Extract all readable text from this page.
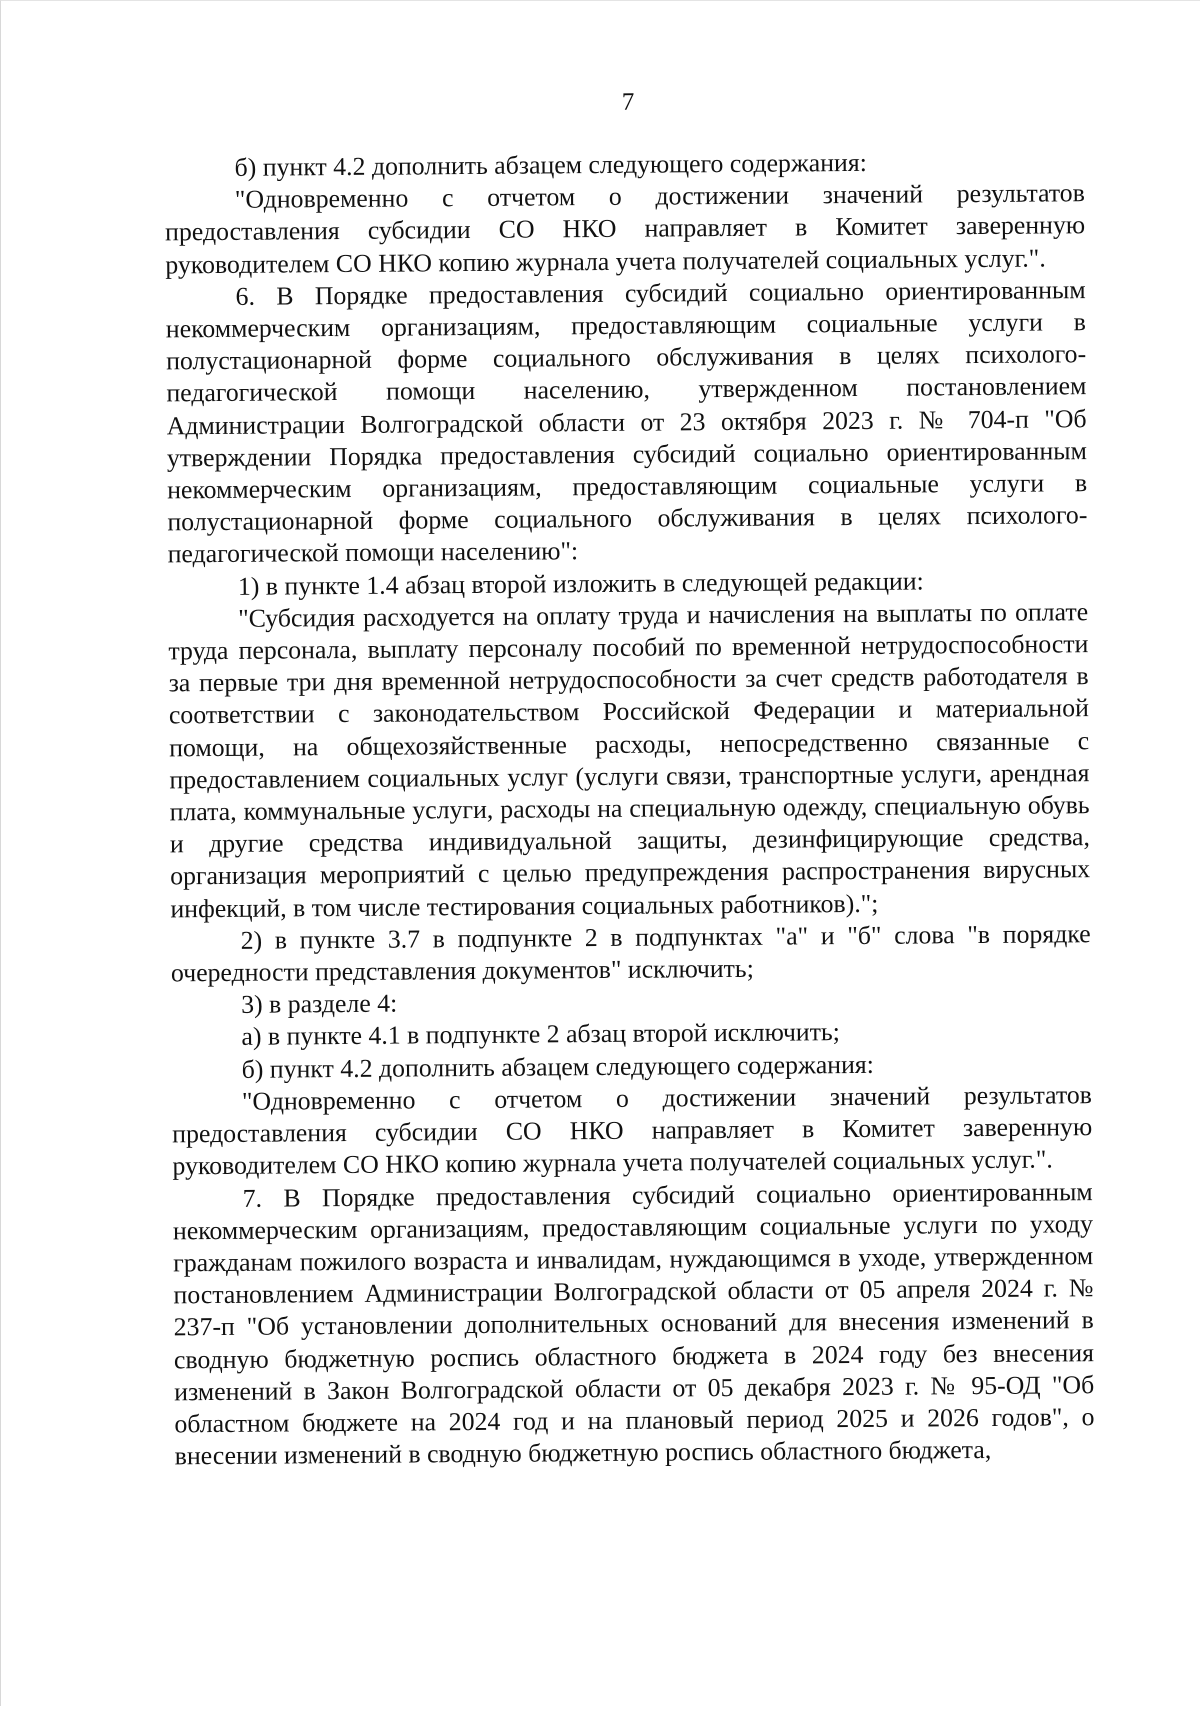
7

б) пункт 4.2 дополнить абзацем следующего содержания:

"Одновременно с отчетом о достижении значений результатов предоставления субсидии СО НКО направляет в Комитет заверенную руководителем СО НКО копию журнала учета получателей социальных услуг.".

6. В Порядке предоставления субсидий социально ориентированным некоммерческим организациям, предоставляющим социальные услуги в полустационарной форме социального обслуживания в целях психолого-педагогической помощи населению, утвержденном постановлением Администрации Волгоградской области от 23 октября 2023 г. № 704-п "Об утверждении Порядка предоставления субсидий социально ориентированным некоммерческим организациям, предоставляющим социальные услуги в полустационарной форме социального обслуживания в целях психолого-педагогической помощи населению":

1) в пункте 1.4 абзац второй изложить в следующей редакции:

"Субсидия расходуется на оплату труда и начисления на выплаты по оплате труда персонала, выплату персоналу пособий по временной нетрудоспособности за первые три дня временной нетрудоспособности за счет средств работодателя в соответствии с законодательством Российской Федерации и материальной помощи, на общехозяйственные расходы, непосредственно связанные с предоставлением социальных услуг (услуги связи, транспортные услуги, арендная плата, коммунальные услуги, расходы на специальную одежду, специальную обувь и другие средства индивидуальной защиты, дезинфицирующие средства, организация мероприятий с целью предупреждения распространения вирусных инфекций, в том числе тестирования социальных работников).";

2) в пункте 3.7 в подпункте 2 в подпунктах "а" и "б" слова "в порядке очередности представления документов" исключить;

3) в разделе 4:

а) в пункте 4.1 в подпункте 2 абзац второй исключить;

б) пункт 4.2 дополнить абзацем следующего содержания:

"Одновременно с отчетом о достижении значений результатов предоставления субсидии СО НКО направляет в Комитет заверенную руководителем СО НКО копию журнала учета получателей социальных услуг.".

7. В Порядке предоставления субсидий социально ориентированным некоммерческим организациям, предоставляющим социальные услуги по уходу гражданам пожилого возраста и инвалидам, нуждающимся в уходе, утвержденном постановлением Администрации Волгоградской области от 05 апреля 2024 г. № 237-п "Об установлении дополнительных оснований для внесения изменений в сводную бюджетную роспись областного бюджета в 2024 году без внесения изменений в Закон Волгоградской области от 05 декабря 2023 г. № 95-ОД "Об областном бюджете на 2024 год и на плановый период 2025 и 2026 годов", о внесении изменений в сводную бюджетную роспись областного бюджета,
